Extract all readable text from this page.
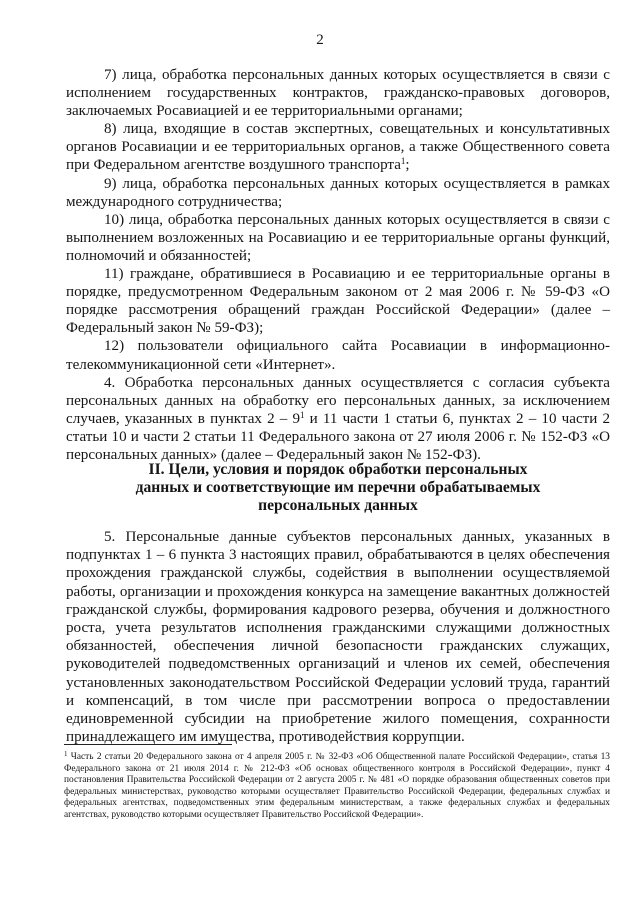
2

7) лица, обработка персональных данных которых осуществляется в связи с исполнением государственных контрактов, гражданско-правовых договоров, заключаемых Росавиацией и ее территориальными органами;

8) лица, входящие в состав экспертных, совещательных и консультативных органов Росавиации и ее территориальных органов, а также Общественного совета при Федеральном агентстве воздушного транспорта$^1$;

9) лица, обработка персональных данных которых осуществляется в рамках международного сотрудничества;

10) лица, обработка персональных данных которых осуществляется в связи с выполнением возложенных на Росавиацию и ее территориальные органы функций, полномочий и обязанностей;

11) граждане, обратившиеся в Росавиацию и ее территориальные органы в порядке, предусмотренном Федеральным законом от 2 мая 2006 г. № 59-ФЗ «О порядке рассмотрения обращений граждан Российской Федерации» (далее – Федеральный закон № 59-ФЗ);

12) пользователи официального сайта Росавиации в информационно-телекоммуникационной сети «Интернет».

4. Обработка персональных данных осуществляется с согласия субъекта персональных данных на обработку его персональных данных, за исключением случаев, указанных в пунктах $2 - 9^1$ и 11 части 1 статьи 6, пунктах 2 – 10 части 2 статьи 10 и части 2 статьи 11 Федерального закона от 27 июля 2006 г. № 152-ФЗ «О персональных данных» (далее – Федеральный закон № 152-ФЗ).

II. Цели, условия и порядок обработки персональных
данных и соответствующие им перечни обрабатываемых
персональных данных

5. Персональные данные субъектов персональных данных, указанных в подпунктах 1 – 6 пункта 3 настоящих правил, обрабатываются в целях обеспечения прохождения гражданской службы, содействия в выполнении осуществляемой работы, организации и прохождения конкурса на замещение вакантных должностей гражданской службы, формирования кадрового резерва, обучения и должностного роста, учета результатов исполнения гражданскими служащими должностных обязанностей, обеспечения личной безопасности гражданских служащих, руководителей подведомственных организаций и членов их семей, обеспечения установленных законодательством Российской Федерации условий труда, гарантий и компенсаций, в том числе при рассмотрении вопроса о предоставлении единовременной субсидии на приобретение жилого помещения, сохранности принадлежащего им имущества, противодействия коррупции.

$^1$ Часть 2 статьи 20 Федерального закона от 4 апреля 2005 г. № 32-ФЗ «Об Общественной палате Российской Федерации», статья 13 Федерального закона от 21 июля 2014 г. № 212-ФЗ «Об основах общественного контроля в Российской Федерации», пункт 4 постановления Правительства Российской Федерации от 2 августа 2005 г. № 481 «О порядке образования общественных советов при федеральных министерствах, руководство которыми осуществляет Правительство Российской Федерации, федеральных службах и федеральных агентствах, подведомственных этим федеральным министерствам, а также федеральных службах и федеральных агентствах, руководство которыми осуществляет Правительство Российской Федерации».
